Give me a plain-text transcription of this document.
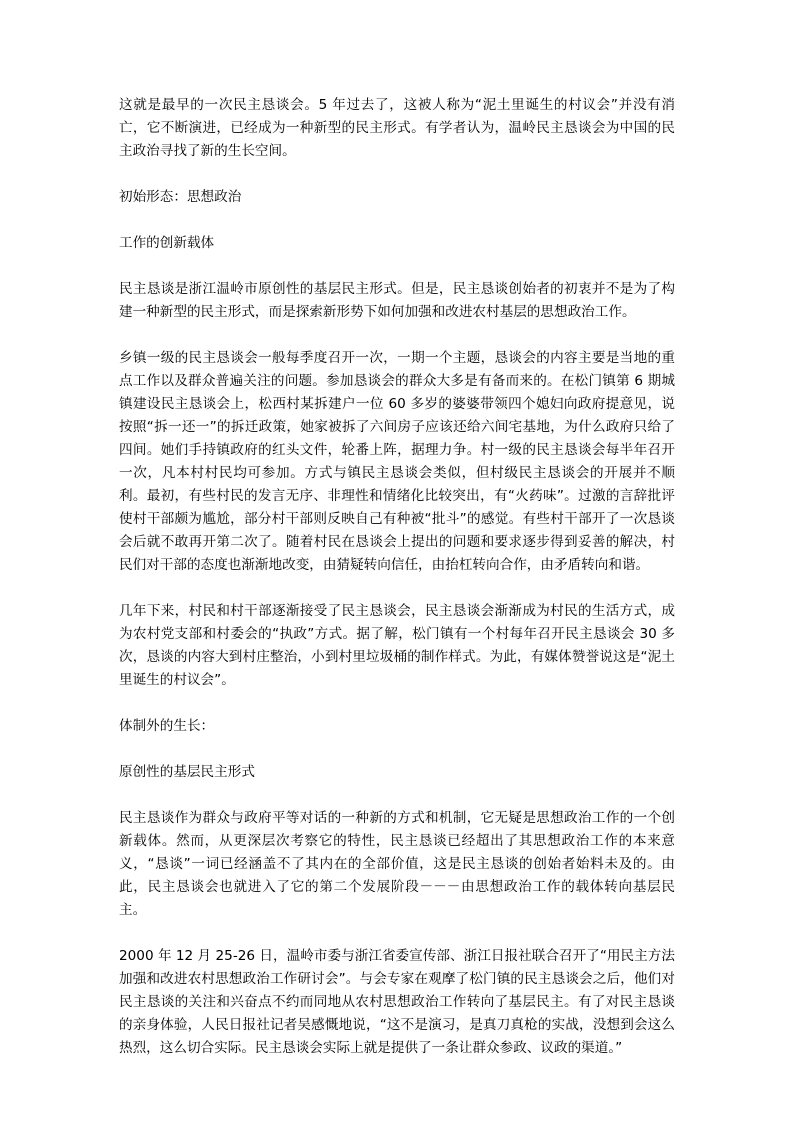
这就是最早的一次民主恳谈会。5 年过去了，这被人称为“泥土里诞生的村议会”并没有消亡，它不断演进，已经成为一种新型的民主形式。有学者认为，温岭民主恳谈会为中国的民主政治寻找了新的生长空间。

初始形态：思想政治

工作的创新载体

民主恳谈是浙江温岭市原创性的基层民主形式。但是，民主恳谈创始者的初衷并不是为了构建一种新型的民主形式，而是探索新形势下如何加强和改进农村基层的思想政治工作。

乡镇一级的民主恳谈会一般每季度召开一次，一期一个主题，恳谈会的内容主要是当地的重点工作以及群众普遍关注的问题。参加恳谈会的群众大多是有备而来的。在松门镇第 6 期城镇建设民主恳谈会上，松西村某拆建户一位 60 多岁的婆婆带领四个媳妇向政府提意见，说按照“拆一还一”的拆迁政策，她家被拆了六间房子应该还给六间宅基地，为什么政府只给了四间。她们手持镇政府的红头文件，轮番上阵，据理力争。村一级的民主恳谈会每半年召开一次，凡本村村民均可参加。方式与镇民主恳谈会类似，但村级民主恳谈会的开展并不顺利。最初，有些村民的发言无序、非理性和情绪化比较突出，有“火药味”。过激的言辞批评使村干部颇为尴尬，部分村干部则反映自己有种被“批斗”的感觉。有些村干部开了一次恳谈会后就不敢再开第二次了。随着村民在恳谈会上提出的问题和要求逐步得到妥善的解决，村民们对干部的态度也渐渐地改变，由猜疑转向信任，由抬杠转向合作，由矛盾转向和谐。

几年下来，村民和村干部逐渐接受了民主恳谈会，民主恳谈会渐渐成为村民的生活方式，成为农村党支部和村委会的“执政”方式。据了解，松门镇有一个村每年召开民主恳谈会 30 多次，恳谈的内容大到村庄整治，小到村里垃圾桶的制作样式。为此，有媒体赞誉说这是“泥土里诞生的村议会”。

体制外的生长：

原创性的基层民主形式

民主恳谈作为群众与政府平等对话的一种新的方式和机制，它无疑是思想政治工作的一个创新载体。然而，从更深层次考察它的特性，民主恳谈已经超出了其思想政治工作的本来意义，“恳谈”一词已经涵盖不了其内在的全部价值，这是民主恳谈的创始者始料未及的。由此，民主恳谈会也就进入了它的第二个发展阶段－－－由思想政治工作的载体转向基层民主。

2000 年 12 月 25-26 日，温岭市委与浙江省委宣传部、浙江日报社联合召开了“用民主方法加强和改进农村思想政治工作研讨会”。与会专家在观摩了松门镇的民主恳谈会之后，他们对民主恳谈的关注和兴奋点不约而同地从农村思想政治工作转向了基层民主。有了对民主恳谈的亲身体验，人民日报社记者吴感慨地说，“这不是演习，是真刀真枪的实战，没想到会这么热烈，这么切合实际。民主恳谈会实际上就是提供了一条让群众参政、议政的渠道。”
